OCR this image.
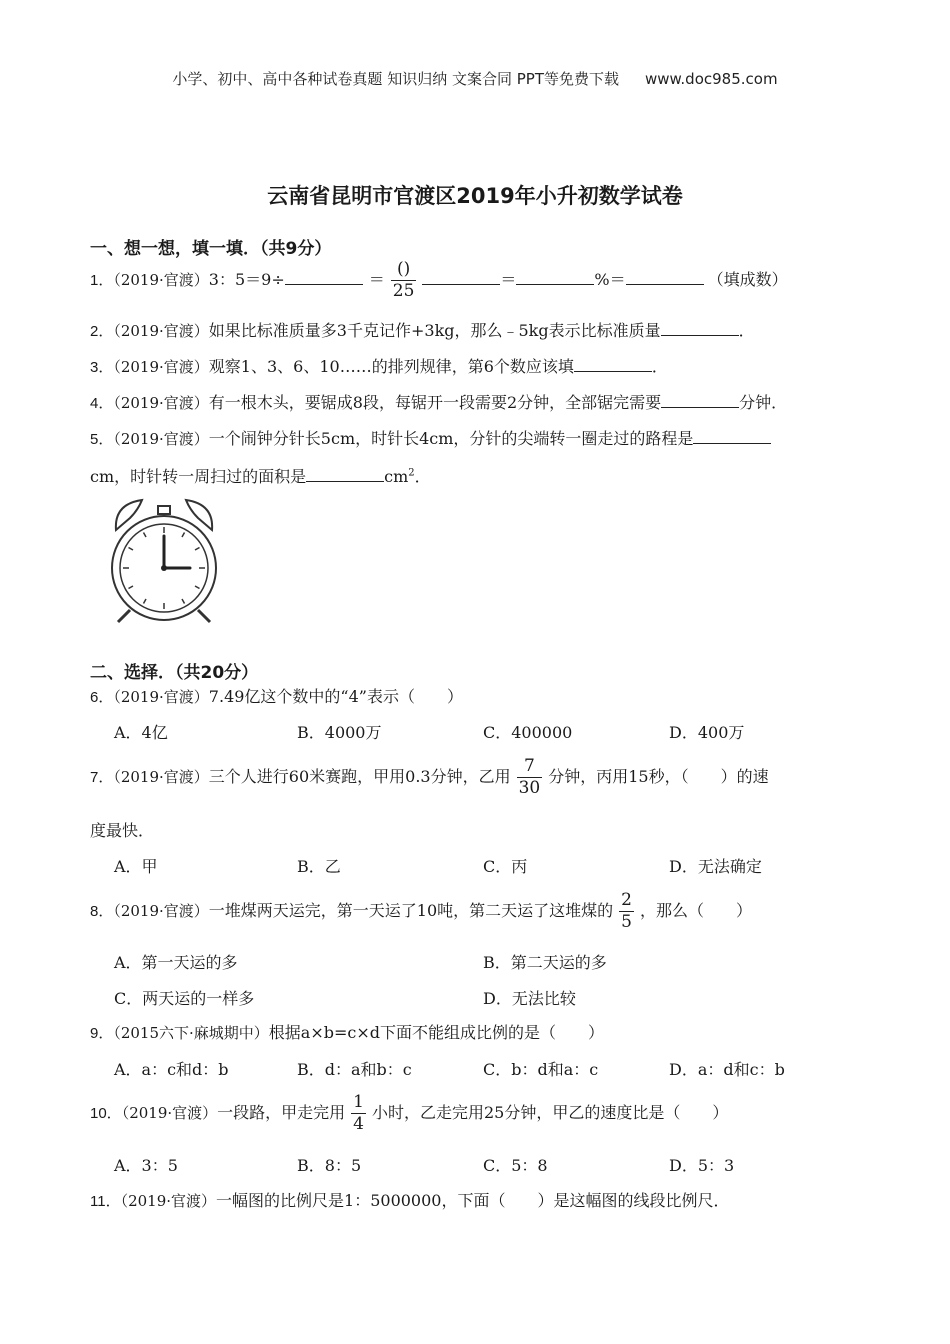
小学、初中、高中各种试卷真题 知识归纳 文案合同 PPT等免费下载 www.doc985.com
云南省昆明市官渡区2019年小升初数学试卷
一、想一想，填一填．（共9分）
1．（2019·官渡）3：5＝9÷	＝ $\frac{()}{25}$	＝	%＝	（填成数）
2．（2019·官渡）如果比标准质量多3千克记作+3kg，那么﹣5kg表示比标准质量	．
3．（2019·官渡）观察1、3、6、10……的排列规律，第6个数应该填	．
4．（2019·官渡）有一根木头，要锯成8段，每锯开一段需要2分钟，全部锯完需要	分钟．
5．（2019·官渡）一个闹钟分针长5cm，时针长4cm，分针的尖端转一圈走过的路程是
cm，时针转一周扫过的面积是	$cm^2$．
二、选择．（共20分）
6．（2019·官渡）7.49亿这个数中的“4”表示（　　）
A．4亿	B．4000万	C．400000	D．400万
7．（2019·官渡）三个人进行60米赛跑，甲用0.3分钟，乙用 $\frac{7}{30}$ 分钟，丙用15秒，（　　）的速
度最快．
A．甲	B．乙	C．丙	D．无法确定
8．（2019·官渡）一堆煤两天运完，第一天运了10吨，第二天运了这堆煤的 $\frac{2}{5}$ ，那么（　　）
A．第一天运的多	B．第二天运的多
C．两天运的一样多	D．无法比较
9．（2015六下·麻城期中）根据a×b=c×d下面不能组成比例的是（　　）
A．a：c和d：b	B．d：a和b：c	C．b：d和a：c	D．a：d和c：b
10．（2019·官渡）一段路，甲走完用 $\frac{1}{4}$ 小时，乙走完用25分钟，甲乙的速度比是（　　）
A．3：5	B．8：5	C．5：8	D．5：3
11．（2019·官渡）一幅图的比例尺是1：5000000，下面（　　）是这幅图的线段比例尺．
